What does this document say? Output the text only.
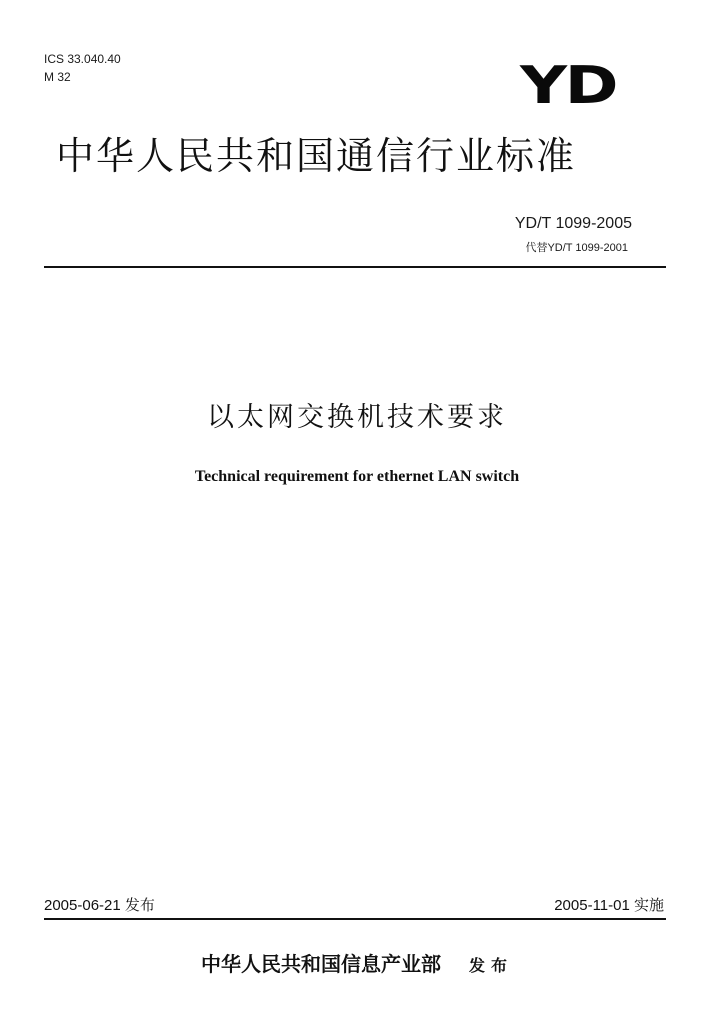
ICS 33.040.40
M 32	YD
中华人民共和国通信行业标准
YD/T 1099-2005
代替YD/T 1099-2001
以太网交换机技术要求
Technical requirement for ethernet LAN switch
2005-06-21 发布	2005-11-01 实施
中华人民共和国信息产业部 发布
